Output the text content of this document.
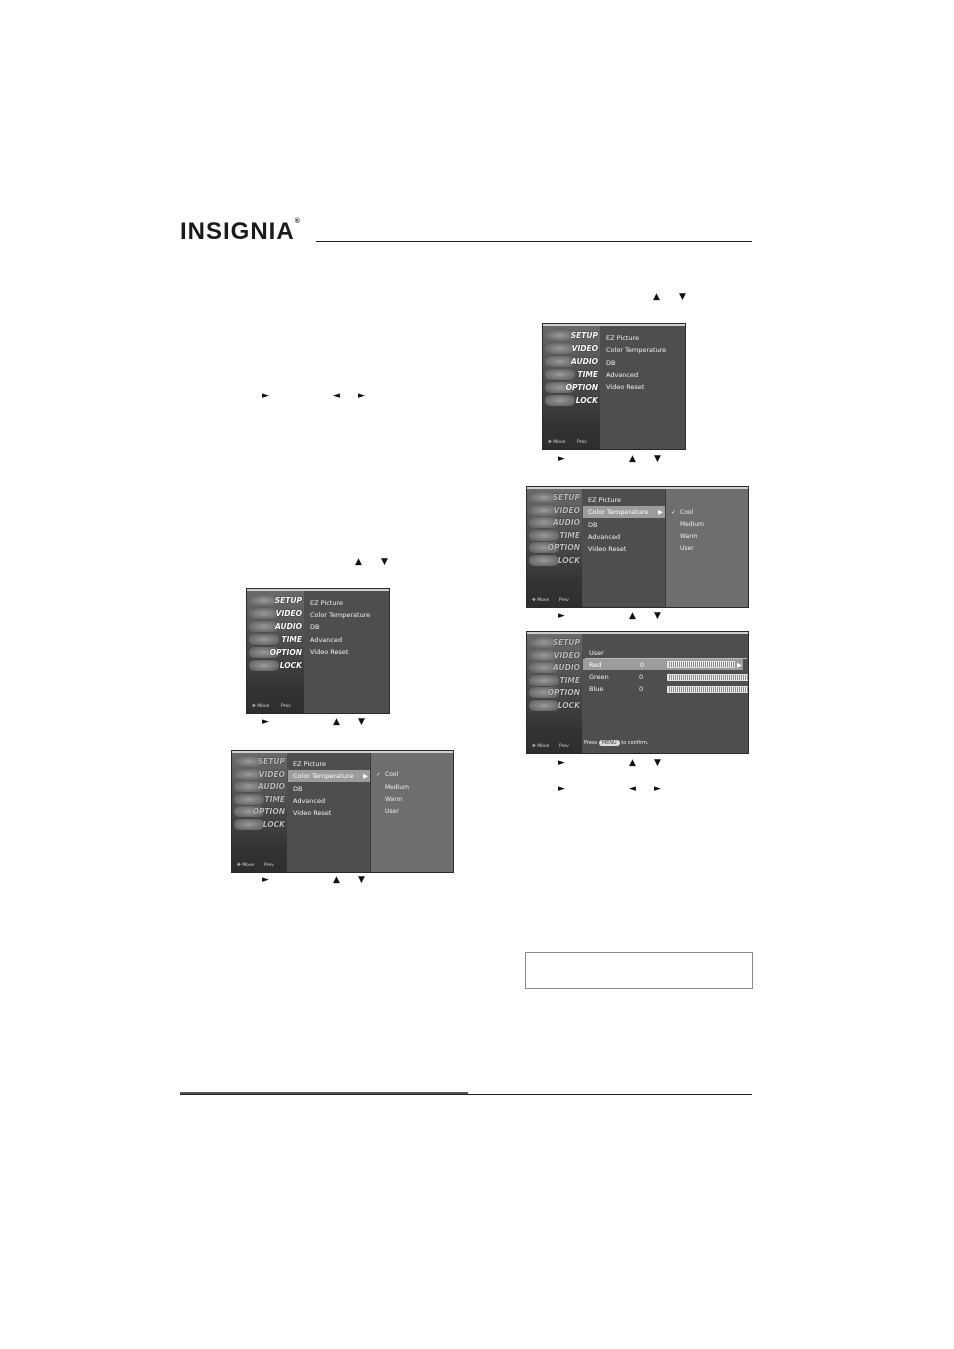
INSIGNIA®
►	◄ ►
▲ ▼
SETUP
VIDEO
AUDIO
TIME
OPTION
LOCK
✥ Move	Prev
EZ Picture
Color Temperature
DB
Advanced
Video Reset
►	▲ ▼
SETUP
VIDEO
AUDIO
TIME
OPTION
LOCK
✥ Move Prev
EZ Picture
Color Temperature ▶
DB
Advanced
Video Reset
✓ Cool
Medium
Warm
User
►	▲ ▼
▲ ▼
SETUP
VIDEO
AUDIO
TIME
OPTION
LOCK
✥ Move	Prev
EZ Picture
Color Temperature
DB
Advanced
Video Reset
►	▲ ▼
SETUP
VIDEO
AUDIO
TIME
OPTION
LOCK
✥ Move Prev
EZ Picture
Color Temperature ▶
DB
Advanced
Video Reset
✓ Cool
Medium
Warm
User
►	▲ ▼
SETUP
VIDEO
AUDIO
TIME
OPTION
LOCK
✥ Move Prev
User
Red	0	▶
Green	0
Blue	0
Press MENU to confirm.
►	▲ ▼
►	◄ ►
